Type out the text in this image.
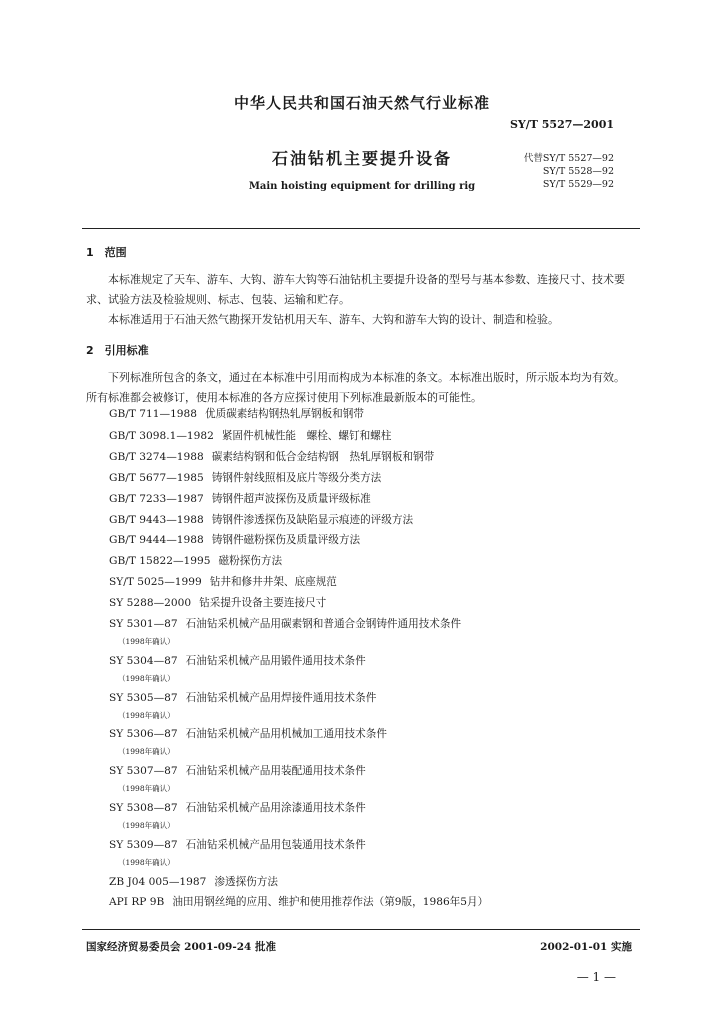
中华人民共和国石油天然气行业标准
SY/T 5527—2001
石油钻机主要提升设备	代替SY/T 5527—92
SY/T 5528—92
SY/T 5529—92
Main hoisting equipment for drilling rig
1　范围
本标准规定了天车、游车、大钩、游车大钩等石油钻机主要提升设备的型号与基本参数、连接尺寸、技术要求、试验方法及检验规则、标志、包装、运输和贮存。
本标准适用于石油天然气勘探开发钻机用天车、游车、大钩和游车大钩的设计、制造和检验。
2　引用标准
下列标准所包含的条文，通过在本标准中引用而构成为本标准的条文。本标准出版时，所示版本均为有效。所有标准都会被修订，使用本标准的各方应探讨使用下列标准最新版本的可能性。
GB/T 711—1988 优质碳素结构钢热轧厚钢板和钢带
GB/T 3098.1—1982 紧固件机械性能　螺栓、螺钉和螺柱
GB/T 3274—1988 碳素结构钢和低合金结构钢　热轧厚钢板和钢带
GB/T 5677—1985 铸钢件射线照相及底片等级分类方法
GB/T 7233—1987 铸钢件超声波探伤及质量评级标准
GB/T 9443—1988 铸钢件渗透探伤及缺陷显示痕迹的评级方法
GB/T 9444—1988 铸钢件磁粉探伤及质量评级方法
GB/T 15822—1995 磁粉探伤方法
SY/T 5025—1999 钻井和修井井架、底座规范
SY 5288—2000 钻采提升设备主要连接尺寸
SY 5301—87 石油钻采机械产品用碳素钢和普通合金钢铸件通用技术条件
（1998年确认）
SY 5304—87 石油钻采机械产品用锻件通用技术条件
（1998年确认）
SY 5305—87 石油钻采机械产品用焊接件通用技术条件
（1998年确认）
SY 5306—87 石油钻采机械产品用机械加工通用技术条件
（1998年确认）
SY 5307—87 石油钻采机械产品用装配通用技术条件
（1998年确认）
SY 5308—87 石油钻采机械产品用涂漆通用技术条件
（1998年确认）
SY 5309—87 石油钻采机械产品用包装通用技术条件
（1998年确认）
ZB J04 005—1987 渗透探伤方法
API RP 9B 油田用钢丝绳的应用、维护和使用推荐作法（第9版，1986年5月）
国家经济贸易委员会 2001-09-24 批准	2002-01-01 实施
— 1 —
